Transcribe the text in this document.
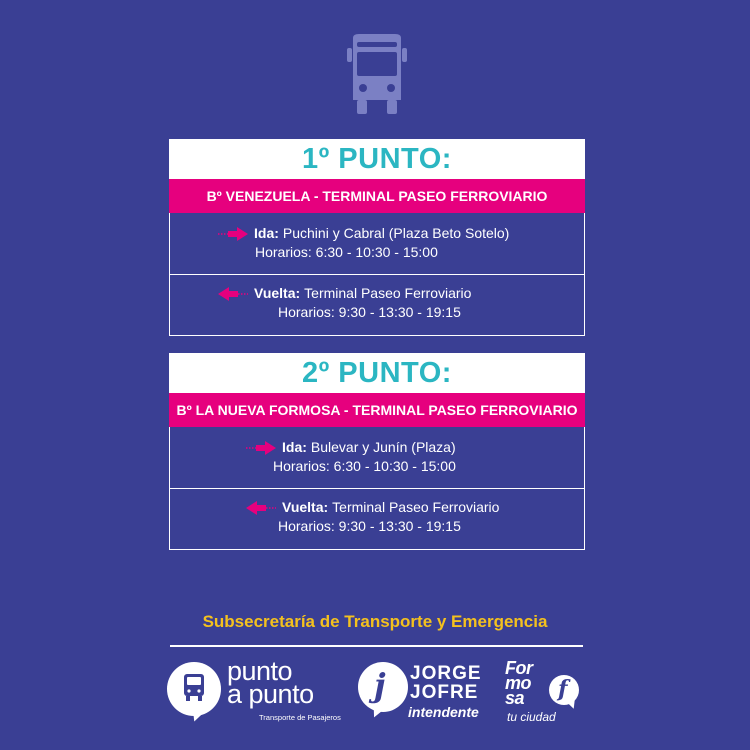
1º PUNTO:
Bº VENEZUELA - TERMINAL PASEO FERROVIARIO
Ida: Puchini y Cabral (Plaza Beto Sotelo)
Horarios: 6:30 - 10:30 - 15:00
Vuelta: Terminal Paseo Ferroviario
Horarios: 9:30 - 13:30 - 19:15
2º PUNTO:
Bº LA NUEVA FORMOSA - TERMINAL PASEO FERROVIARIO
Ida: Bulevar y Junín (Plaza)
Horarios: 6:30 - 10:30 - 15:00
Vuelta: Terminal Paseo Ferroviario
Horarios: 9:30 - 13:30 - 19:15
Subsecretaría de Transporte y Emergencia
punto
a punto
Transporte de Pasajeros
j	JORGE
JOFRE
intendente
For
mo
sa	f
tu ciudad
